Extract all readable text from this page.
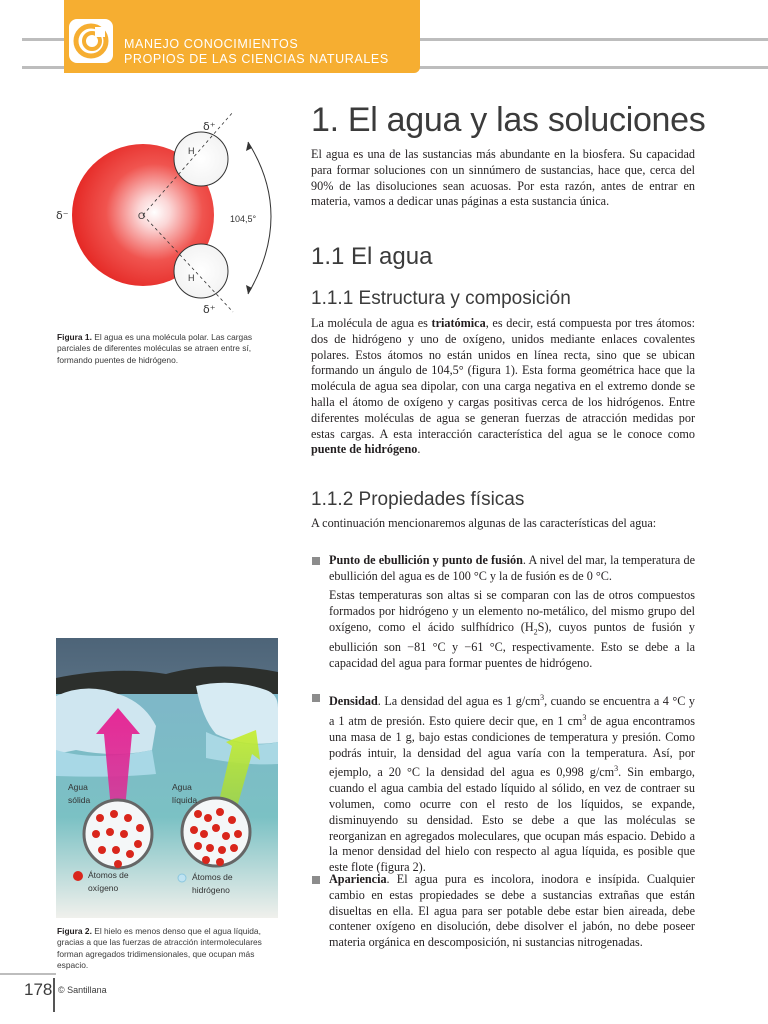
MANEJO CONOCIMIENTOS
PROPIOS DE LAS CIENCIAS NATURALES
δ⁺
H
δ⁻	O	104,5°
H
δ⁺
Figura 1. El agua es una molécula polar. Las cargas parciales de diferentes moléculas se atraen entre sí, formando puentes de hidrógeno.
Agua
sólida
Agua
líquida
Átomos de
oxígeno
Átomos de
hidrógeno
Figura 2. El hielo es menos denso que el agua líquida, gracias a que las fuerzas de atracción intermoleculares forman agregados tridimensionales, que ocupan más espacio.
1. El agua y las soluciones
El agua es una de las sustancias más abundante en la biosfera. Su capacidad para formar soluciones con un sinnúmero de sustancias, hace que, cerca del 90% de las disoluciones sean acuosas. Por esta razón, antes de entrar en materia, vamos a dedicar unas páginas a esta sustancia única.
1.1 El agua
1.1.1 Estructura y composición
La molécula de agua es triatómica, es decir, está compuesta por tres átomos: dos de hidrógeno y uno de oxígeno, unidos mediante enlaces covalentes polares. Estos átomos no están unidos en línea recta, sino que se ubican formando un ángulo de 104,5° (figura 1). Esta forma geométrica hace que la molécula de agua sea dipolar, con una carga negativa en el extremo donde se halla el átomo de oxígeno y cargas positivas cerca de los hidrógenos. Entre diferentes moléculas de agua se generan fuerzas de atracción medidas por estas cargas. A esta interacción característica del agua se le conoce como puente de hidrógeno.
1.1.2 Propiedades físicas
A continuación mencionaremos algunas de las características del agua:
Punto de ebullición y punto de fusión. A nivel del mar, la temperatura de ebullición del agua es de 100 °C y la de fusión es de 0 °C.
Estas temperaturas son altas si se comparan con las de otros compuestos formados por hidrógeno y un elemento no-metálico, del mismo grupo del oxígeno, como el ácido sulfhídrico $(H_2S)$, cuyos puntos de fusión y ebullición son −81 °C y −61 °C, respectivamente. Esto se debe a la capacidad del agua para formar puentes de hidrógeno.
Densidad. La densidad del agua es 1 $g/cm^3$, cuando se encuentra a 4 °C y a 1 atm de presión. Esto quiere decir que, en 1 $cm^3$ de agua encontramos una masa de 1 g, bajo estas condiciones de temperatura y presión. Como podrás intuir, la densidad del agua varía con la temperatura. Así, por ejemplo, a 20 °C la densidad del agua es 0,998 $g/cm^3$. Sin embargo, cuando el agua cambia del estado líquido al sólido, en vez de contraer su volumen, como ocurre con el resto de los líquidos, se expande, disminuyendo su densidad. Esto se debe a que las moléculas se reorganizan en agregados moleculares, que ocupan más espacio. Debido a la menor densidad del hielo con respecto al agua líquida, es posible que este flote (figura 2).
Apariencia. El agua pura es incolora, inodora e insípida. Cualquier cambio en estas propiedades se debe a sustancias extrañas que están disueltas en ella. El agua para ser potable debe estar bien aireada, debe contener oxígeno en disolución, debe disolver el jabón, no debe poseer materia orgánica en descomposición, ni sustancias nitrogenadas.
178 © Santillana
